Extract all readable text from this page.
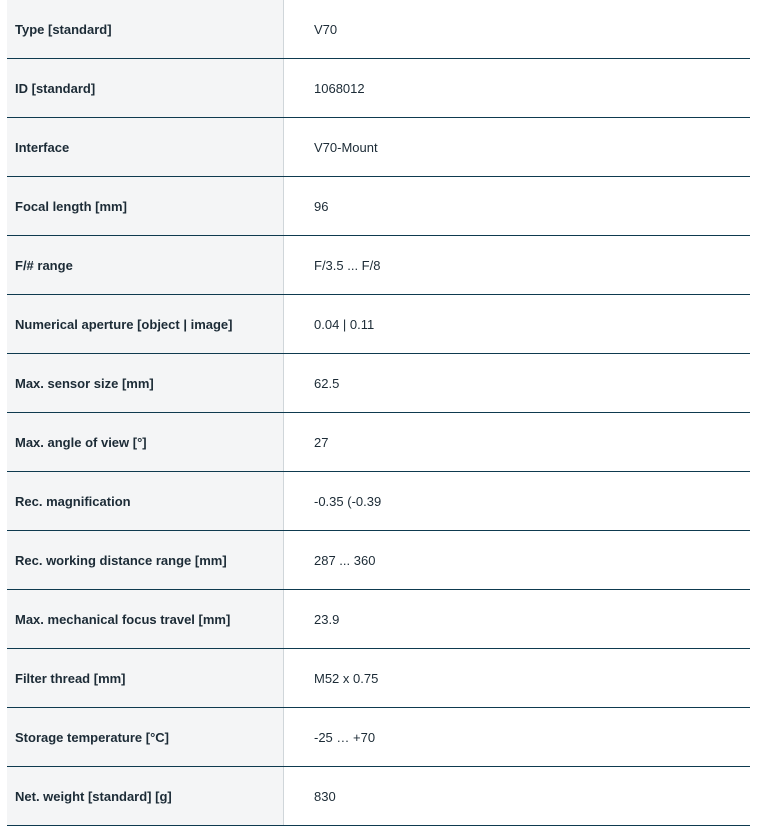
Type [standard]	V70
ID [standard]	1068012
Interface	V70-Mount
Focal length [mm]	96
F/# range	F/3.5 ... F/8
Numerical aperture [object | image]	0.04 | 0.11
Max. sensor size [mm]	62.5
Max. angle of view [°]	27
Rec. magnification	-0.35 (-0.39
Rec. working distance range [mm]	287 ... 360
Max. mechanical focus travel [mm]	23.9
Filter thread [mm]	M52 x 0.75
Storage temperature [°C]	-25 … +70
Net. weight [standard] [g]	830
